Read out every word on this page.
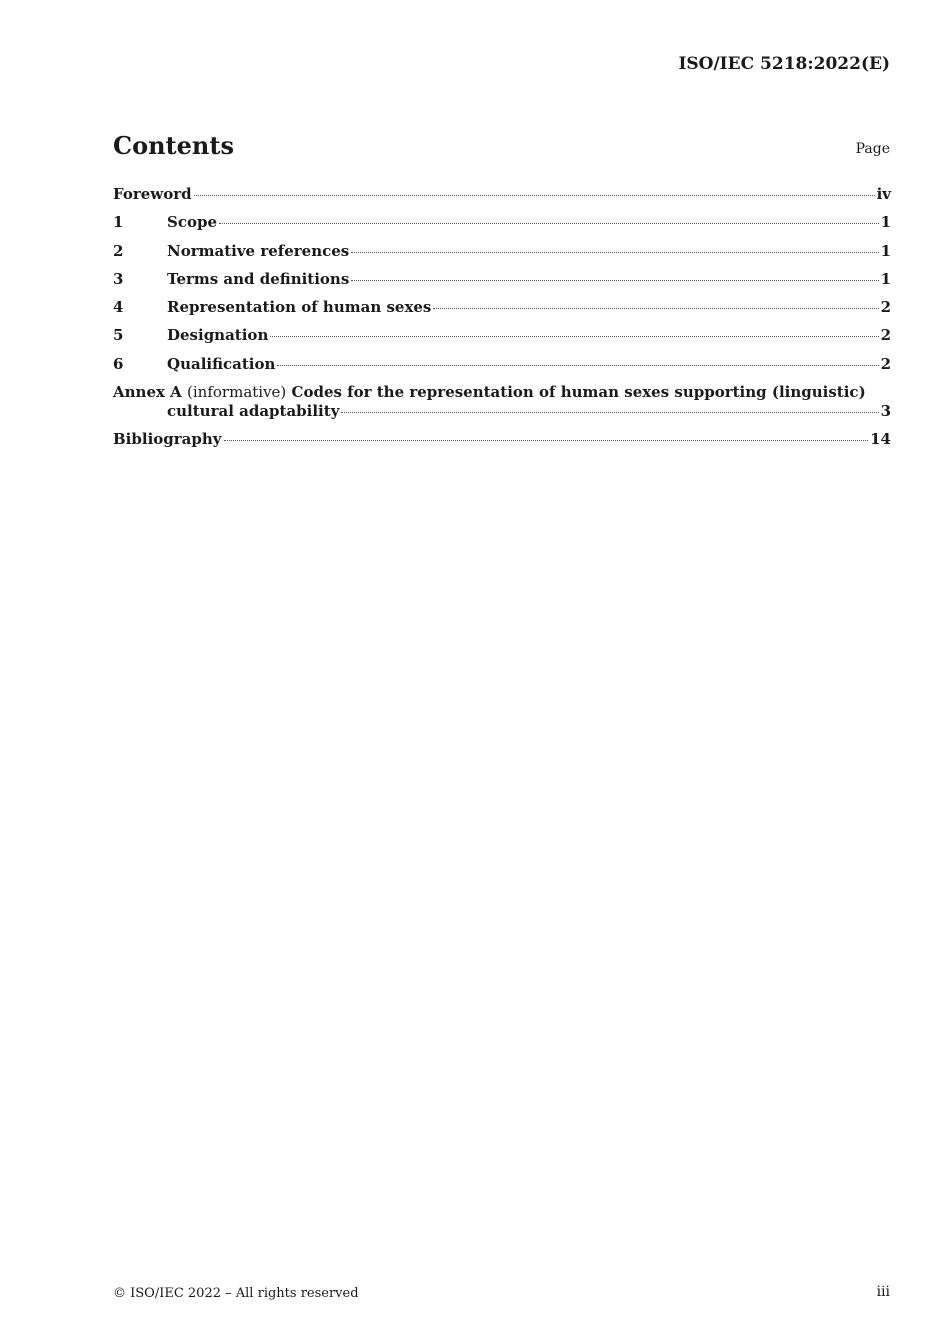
ISO/IEC 5218:2022(E)
Contents	Page
Foreword	iv
1	Scope	1
2	Normative references	1
3	Terms and definitions	1
4	Representation of human sexes	2
5	Designation	2
6	Qualification	2
Annex A (informative) Codes for the representation of human sexes supporting (linguistic)
cultural adaptability	3
Bibliography	14
© ISO/IEC 2022 – All rights reserved	iii
